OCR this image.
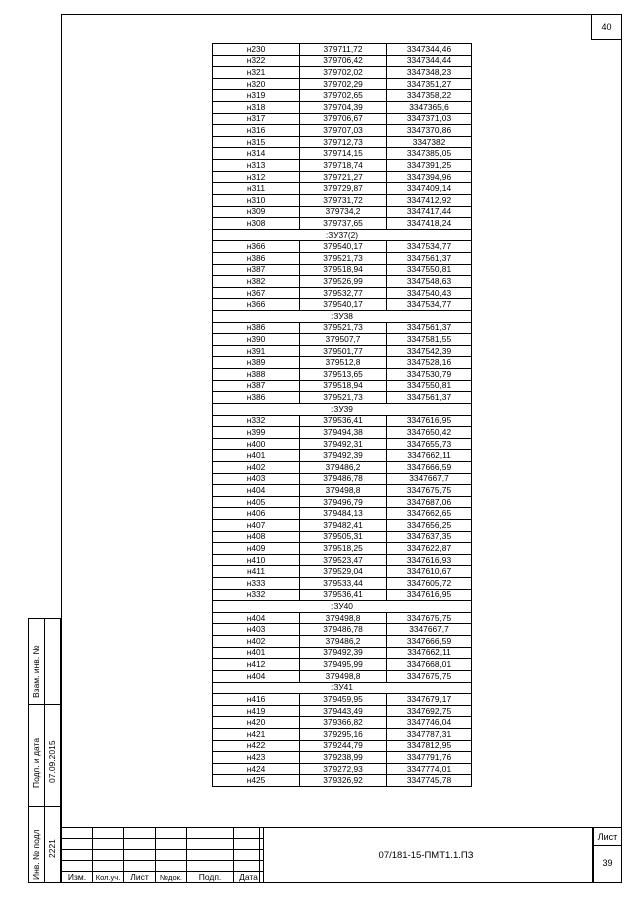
40
н230	379711,72	3347344,46
н322	379706,42	3347344,44
н321	379702,02	3347348,23
н320	379702,29	3347351,27
н319	379702,65	3347358,22
н318	379704,39	3347365,6
н317	379706,67	3347371,03
н316	379707,03	3347370,86
н315	379712,73	3347382
н314	379714,15	3347385,05
н313	379718,74	3347391,25
н312	379721,27	3347394,96
н311	379729,87	3347409,14
н310	379731,72	3347412,92
н309	379734,2	3347417,44
н308	379737,65	3347418,24
:ЗУ37(2)		
н366	379540,17	3347534,77
н386	379521,73	3347561,37
н387	379518,94	3347550,81
н382	379526,99	3347548,63
н367	379532,77	3347540,43
н366	379540,17	3347534,77
:ЗУ38		
н386	379521,73	3347561,37
н390	379507,7	3347581,55
н391	379501,77	3347542,39
н389	379512,8	3347528,16
н388	379513,65	3347530,79
н387	379518,94	3347550,81
н386	379521,73	3347561,37
:ЗУ39		
н332	379536,41	3347616,95
н399	379494,38	3347650,42
н400	379492,31	3347655,73
н401	379492,39	3347662,11
н402	379486,2	3347666,59
н403	379486,78	3347667,7
н404	379498,8	3347675,75
н405	379496,79	3347687,06
н406	379484,13	3347662,65
н407	379482,41	3347656,25
н408	379505,31	3347637,35
н409	379518,25	3347622,87
н410	379523,47	3347616,93
н411	379529,04	3347610,67
н333	379533,44	3347605,72
н332	379536,41	3347616,95
:ЗУ40		
н404	379498,8	3347675,75
н403	379486,78	3347667,7
н402	379486,2	3347666,59
н401	379492,39	3347662,11
н412	379495,99	3347668,01
н404	379498,8	3347675,75
:ЗУ41		
н416	379459,95	3347679,17
н419	379443,49	3347692,75
н420	379366,82	3347746,04
н421	379295,16	3347787,31
н422	379244,79	3347812,95
н423	379238,99	3347791,76
н424	379272,93	3347774,01
н425	379326,92	3347745,78
Взам. инв. №
Подп. и дата 07.09.2015
Инв. № подл 2221

Изм.	Кол.уч.	Лист	№док.	Подп.	Дата
07/181-15-ПМТ1.1.ПЗ
Лист
39
